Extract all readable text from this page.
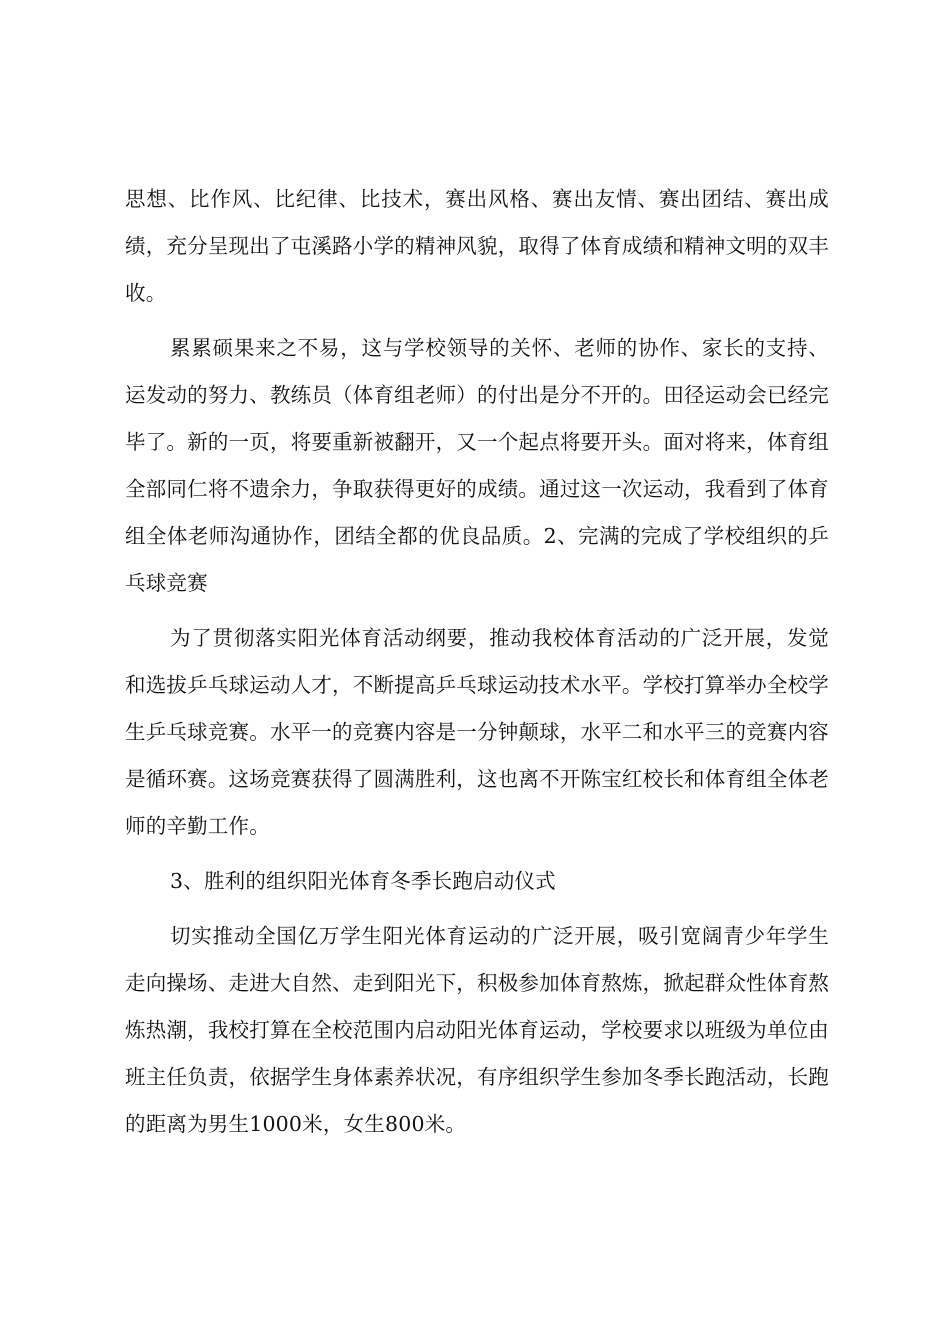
思想、比作风、比纪律、比技术，赛出风格、赛出友情、赛出团结、赛出成绩，充分呈现出了屯溪路小学的精神风貌，取得了体育成绩和精神文明的双丰收。

累累硕果来之不易，这与学校领导的关怀、老师的协作、家长的支持、运发动的努力、教练员（体育组老师）的付出是分不开的。田径运动会已经完毕了。新的一页，将要重新被翻开，又一个起点将要开头。面对将来，体育组全部同仁将不遗余力，争取获得更好的成绩。通过这一次运动，我看到了体育组全体老师沟通协作，团结全都的优良品质。2、完满的完成了学校组织的乒乓球竞赛

为了贯彻落实阳光体育活动纲要，推动我校体育活动的广泛开展，发觉和选拔乒乓球运动人才，不断提高乒乓球运动技术水平。学校打算举办全校学生乒乓球竞赛。水平一的竞赛内容是一分钟颠球，水平二和水平三的竞赛内容是循环赛。这场竞赛获得了圆满胜利，这也离不开陈宝红校长和体育组全体老师的辛勤工作。

3、胜利的组织阳光体育冬季长跑启动仪式

切实推动全国亿万学生阳光体育运动的广泛开展，吸引宽阔青少年学生走向操场、走进大自然、走到阳光下，积极参加体育熬炼，掀起群众性体育熬炼热潮，我校打算在全校范围内启动阳光体育运动，学校要求以班级为单位由班主任负责，依据学生身体素养状况，有序组织学生参加冬季长跑活动，长跑的距离为男生1000米，女生800米。
